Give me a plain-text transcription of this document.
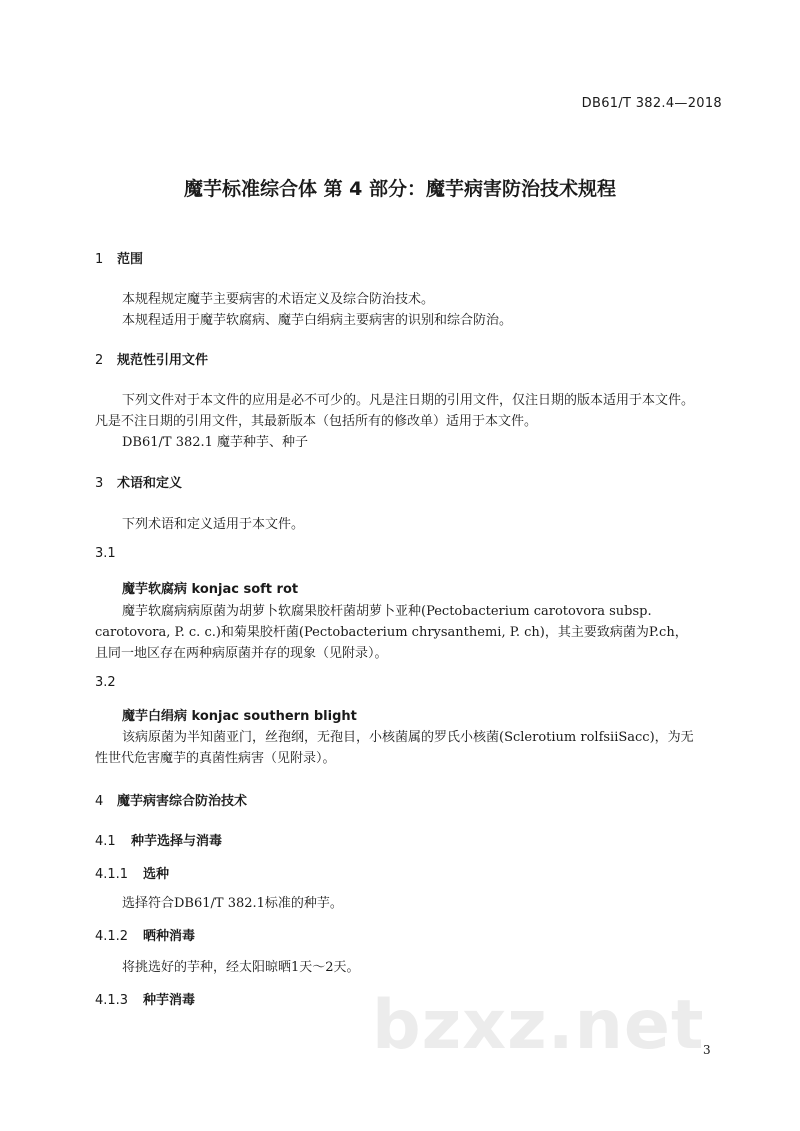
DB61/T 382.4—2018
魔芋标准综合体 第 4 部分：魔芋病害防治技术规程
1 范围
本规程规定魔芋主要病害的术语定义及综合防治技术。
本规程适用于魔芋软腐病、魔芋白绢病主要病害的识别和综合防治。
2 规范性引用文件
下列文件对于本文件的应用是必不可少的。凡是注日期的引用文件，仅注日期的版本适用于本文件。
凡是不注日期的引用文件，其最新版本（包括所有的修改单）适用于本文件。
DB61/T 382.1 魔芋种芋、种子
3 术语和定义
下列术语和定义适用于本文件。
3.1
魔芋软腐病 konjac soft rot
魔芋软腐病病原菌为胡萝卜软腐果胶杆菌胡萝卜亚种(Pectobacterium carotovora subsp.
carotovora, P. c. c.)和菊果胶杆菌(Pectobacterium chrysanthemi, P. ch)，其主要致病菌为P.ch，
且同一地区存在两种病原菌并存的现象（见附录）。
3.2
魔芋白绢病 konjac southern blight
该病原菌为半知菌亚门，丝孢纲，无孢目，小核菌属的罗氏小核菌(Sclerotium rolfsiiSacc)，为无
性世代危害魔芋的真菌性病害（见附录）。
4 魔芋病害综合防治技术
4.1 种芋选择与消毒
4.1.1 选种
选择符合DB61/T 382.1标准的种芋。
4.1.2 晒种消毒
将挑选好的芋种，经太阳晾晒1天～2天。
4.1.3 种芋消毒	bzxz.net
3
